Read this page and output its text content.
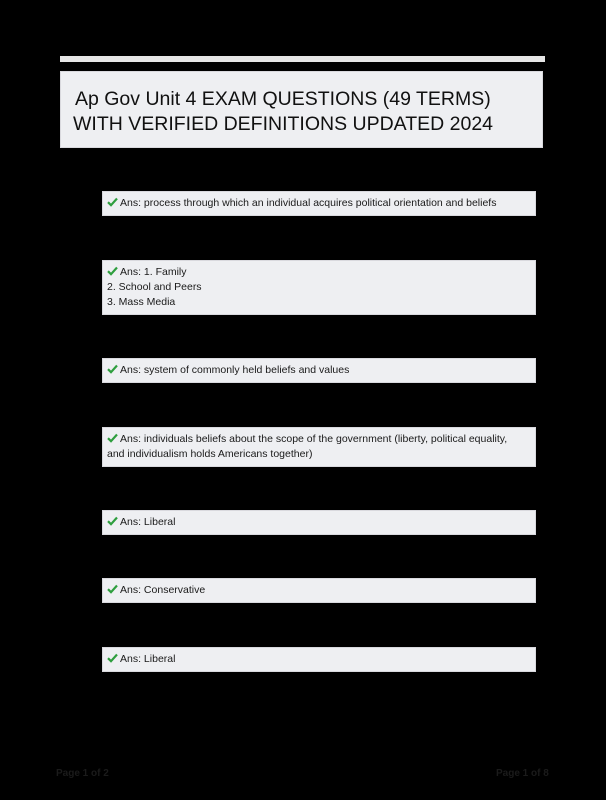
Ap Gov Unit 4 EXAM QUESTIONS (49 TERMS)
WITH VERIFIED DEFINITIONS UPDATED 2024
Ans: process through which an individual acquires political orientation and beliefs
Ans: 1. Family
2. School and Peers
3. Mass Media
Ans: system of commonly held beliefs and values
Ans: individuals beliefs about the scope of the government (liberty, political equality,
and individualism holds Americans together)
Ans: Liberal
Ans: Conservative
Ans: Liberal
Page 1 of 2	Page 1 of 8
